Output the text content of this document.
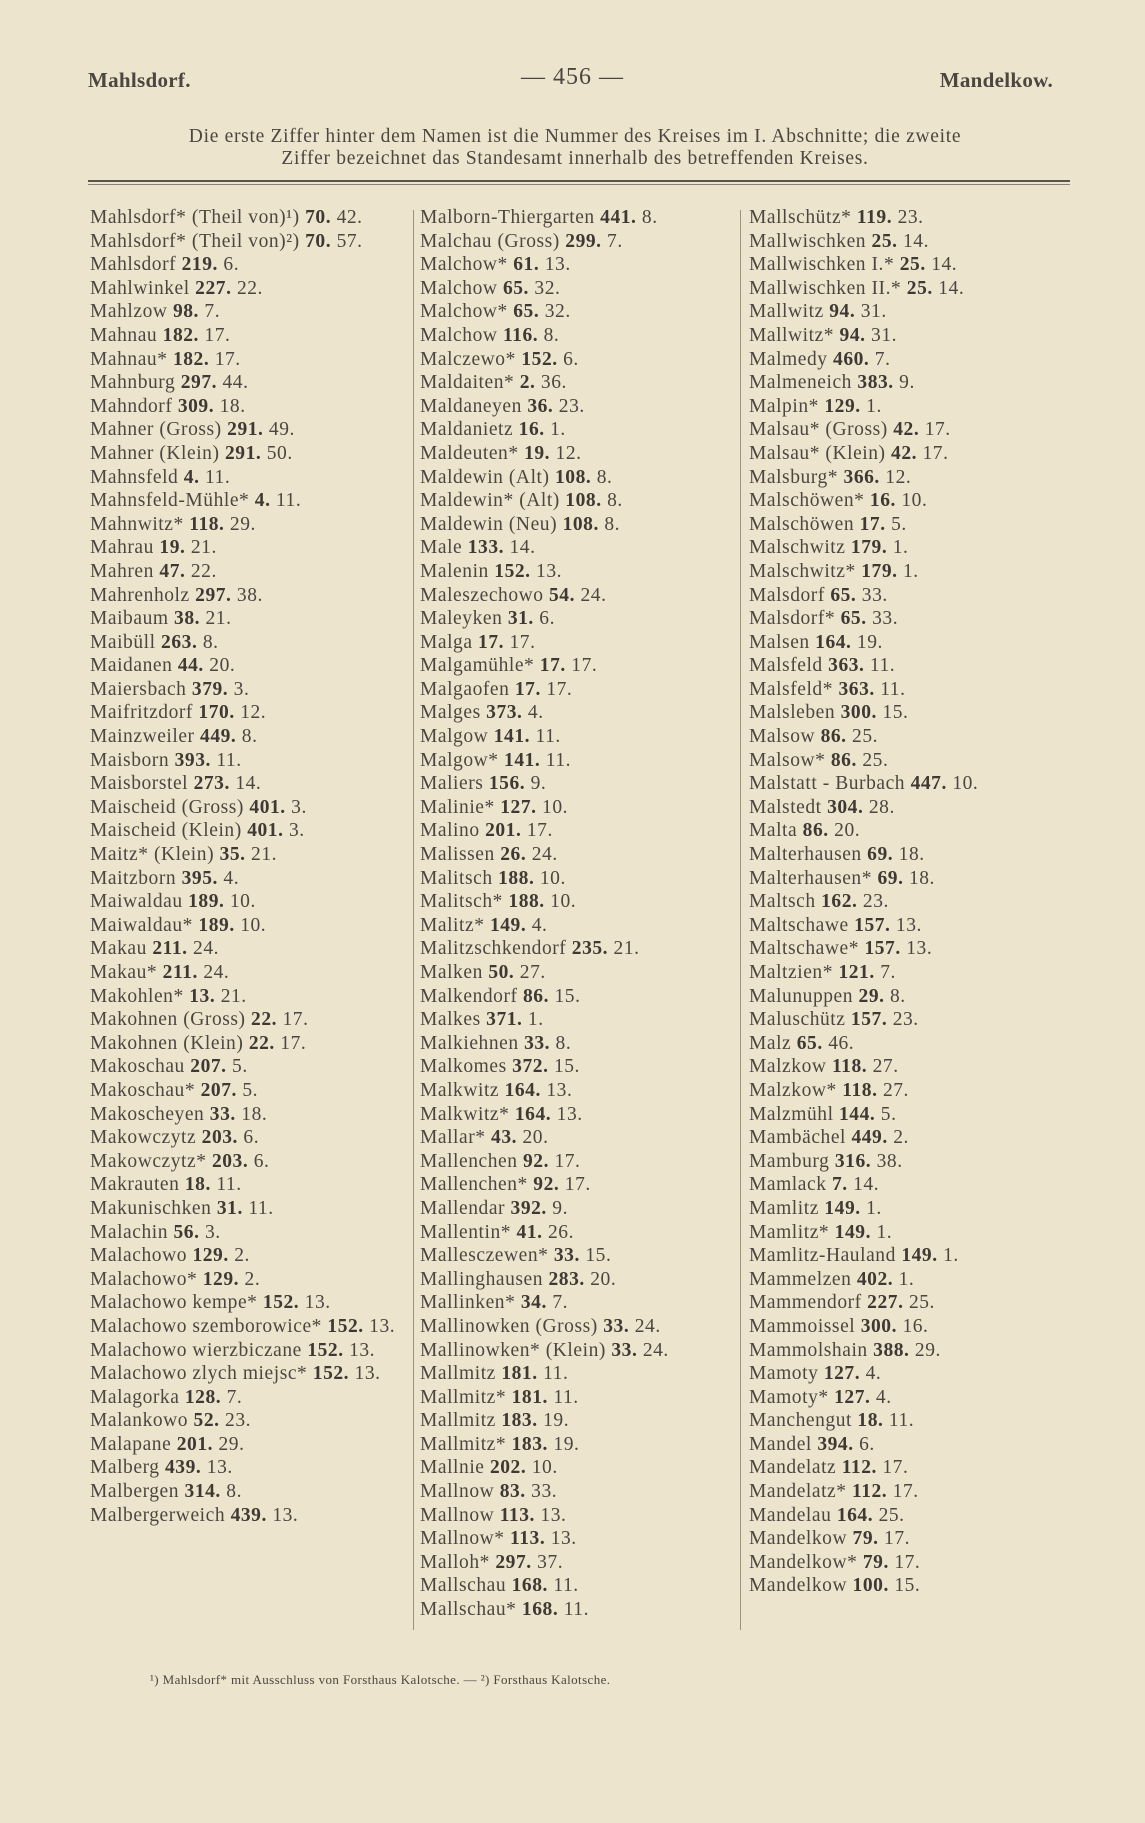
Mahlsdorf.	— 456 —	Mandelkow.
Die erste Ziffer hinter dem Namen ist die Nummer des Kreises im I. Abschnitte; die zweite
Ziffer bezeichnet das Standesamt innerhalb des betreffenden Kreises.
Mahlsdorf* (Theil von)¹) 70. 42.
Mahlsdorf* (Theil von)²) 70. 57.
Mahlsdorf 219. 6.
Mahlwinkel 227. 22.
Mahlzow 98. 7.
Mahnau 182. 17.
Mahnau* 182. 17.
Mahnburg 297. 44.
Mahndorf 309. 18.
Mahner (Gross) 291. 49.
Mahner (Klein) 291. 50.
Mahnsfeld 4. 11.
Mahnsfeld-Mühle* 4. 11.
Mahnwitz* 118. 29.
Mahrau 19. 21.
Mahren 47. 22.
Mahrenholz 297. 38.
Maibaum 38. 21.
Maibüll 263. 8.
Maidanen 44. 20.
Maiersbach 379. 3.
Maifritzdorf 170. 12.
Mainzweiler 449. 8.
Maisborn 393. 11.
Maisborstel 273. 14.
Maischeid (Gross) 401. 3.
Maischeid (Klein) 401. 3.
Maitz* (Klein) 35. 21.
Maitzborn 395. 4.
Maiwaldau 189. 10.
Maiwaldau* 189. 10.
Makau 211. 24.
Makau* 211. 24.
Makohlen* 13. 21.
Makohnen (Gross) 22. 17.
Makohnen (Klein) 22. 17.
Makoschau 207. 5.
Makoschau* 207. 5.
Makoscheyen 33. 18.
Makowczytz 203. 6.
Makowczytz* 203. 6.
Makrauten 18. 11.
Makunischken 31. 11.
Malachin 56. 3.
Malachowo 129. 2.
Malachowo* 129. 2.
Malachowo kempe* 152. 13.
Malachowo szemborowice* 152. 13.
Malachowo wierzbiczane 152. 13.
Malachowo zlych miejsc* 152. 13.
Malagorka 128. 7.
Malankowo 52. 23.
Malapane 201. 29.
Malberg 439. 13.
Malbergen 314. 8.
Malbergerweich 439. 13.
Malborn-Thiergarten 441. 8.
Malchau (Gross) 299. 7.
Malchow* 61. 13.
Malchow 65. 32.
Malchow* 65. 32.
Malchow 116. 8.
Malczewo* 152. 6.
Maldaiten* 2. 36.
Maldaneyen 36. 23.
Maldanietz 16. 1.
Maldeuten* 19. 12.
Maldewin (Alt) 108. 8.
Maldewin* (Alt) 108. 8.
Maldewin (Neu) 108. 8.
Male 133. 14.
Malenin 152. 13.
Maleszechowo 54. 24.
Maleyken 31. 6.
Malga 17. 17.
Malgamühle* 17. 17.
Malgaofen 17. 17.
Malges 373. 4.
Malgow 141. 11.
Malgow* 141. 11.
Maliers 156. 9.
Malinie* 127. 10.
Malino 201. 17.
Malissen 26. 24.
Malitsch 188. 10.
Malitsch* 188. 10.
Malitz* 149. 4.
Malitzschkendorf 235. 21.
Malken 50. 27.
Malkendorf 86. 15.
Malkes 371. 1.
Malkiehnen 33. 8.
Malkomes 372. 15.
Malkwitz 164. 13.
Malkwitz* 164. 13.
Mallar* 43. 20.
Mallenchen 92. 17.
Mallenchen* 92. 17.
Mallendar 392. 9.
Mallentin* 41. 26.
Mallesczewen* 33. 15.
Mallinghausen 283. 20.
Mallinken* 34. 7.
Mallinowken (Gross) 33. 24.
Mallinowken* (Klein) 33. 24.
Mallmitz 181. 11.
Mallmitz* 181. 11.
Mallmitz 183. 19.
Mallmitz* 183. 19.
Mallnie 202. 10.
Mallnow 83. 33.
Mallnow 113. 13.
Mallnow* 113. 13.
Malloh* 297. 37.
Mallschau 168. 11.
Mallschau* 168. 11.
Mallschütz* 119. 23.
Mallwischken 25. 14.
Mallwischken I.* 25. 14.
Mallwischken II.* 25. 14.
Mallwitz 94. 31.
Mallwitz* 94. 31.
Malmedy 460. 7.
Malmeneich 383. 9.
Malpin* 129. 1.
Malsau* (Gross) 42. 17.
Malsau* (Klein) 42. 17.
Malsburg* 366. 12.
Malschöwen* 16. 10.
Malschöwen 17. 5.
Malschwitz 179. 1.
Malschwitz* 179. 1.
Malsdorf 65. 33.
Malsdorf* 65. 33.
Malsen 164. 19.
Malsfeld 363. 11.
Malsfeld* 363. 11.
Malsleben 300. 15.
Malsow 86. 25.
Malsow* 86. 25.
Malstatt - Burbach 447. 10.
Malstedt 304. 28.
Malta 86. 20.
Malterhausen 69. 18.
Malterhausen* 69. 18.
Maltsch 162. 23.
Maltschawe 157. 13.
Maltschawe* 157. 13.
Maltzien* 121. 7.
Malunuppen 29. 8.
Maluschütz 157. 23.
Malz 65. 46.
Malzkow 118. 27.
Malzkow* 118. 27.
Malzmühl 144. 5.
Mambächel 449. 2.
Mamburg 316. 38.
Mamlack 7. 14.
Mamlitz 149. 1.
Mamlitz* 149. 1.
Mamlitz-Hauland 149. 1.
Mammelzen 402. 1.
Mammendorf 227. 25.
Mammoissel 300. 16.
Mammolshain 388. 29.
Mamoty 127. 4.
Mamoty* 127. 4.
Manchengut 18. 11.
Mandel 394. 6.
Mandelatz 112. 17.
Mandelatz* 112. 17.
Mandelau 164. 25.
Mandelkow 79. 17.
Mandelkow* 79. 17.
Mandelkow 100. 15.
¹) Mahlsdorf* mit Ausschluss von Forsthaus Kalotsche. — ²) Forsthaus Kalotsche.
